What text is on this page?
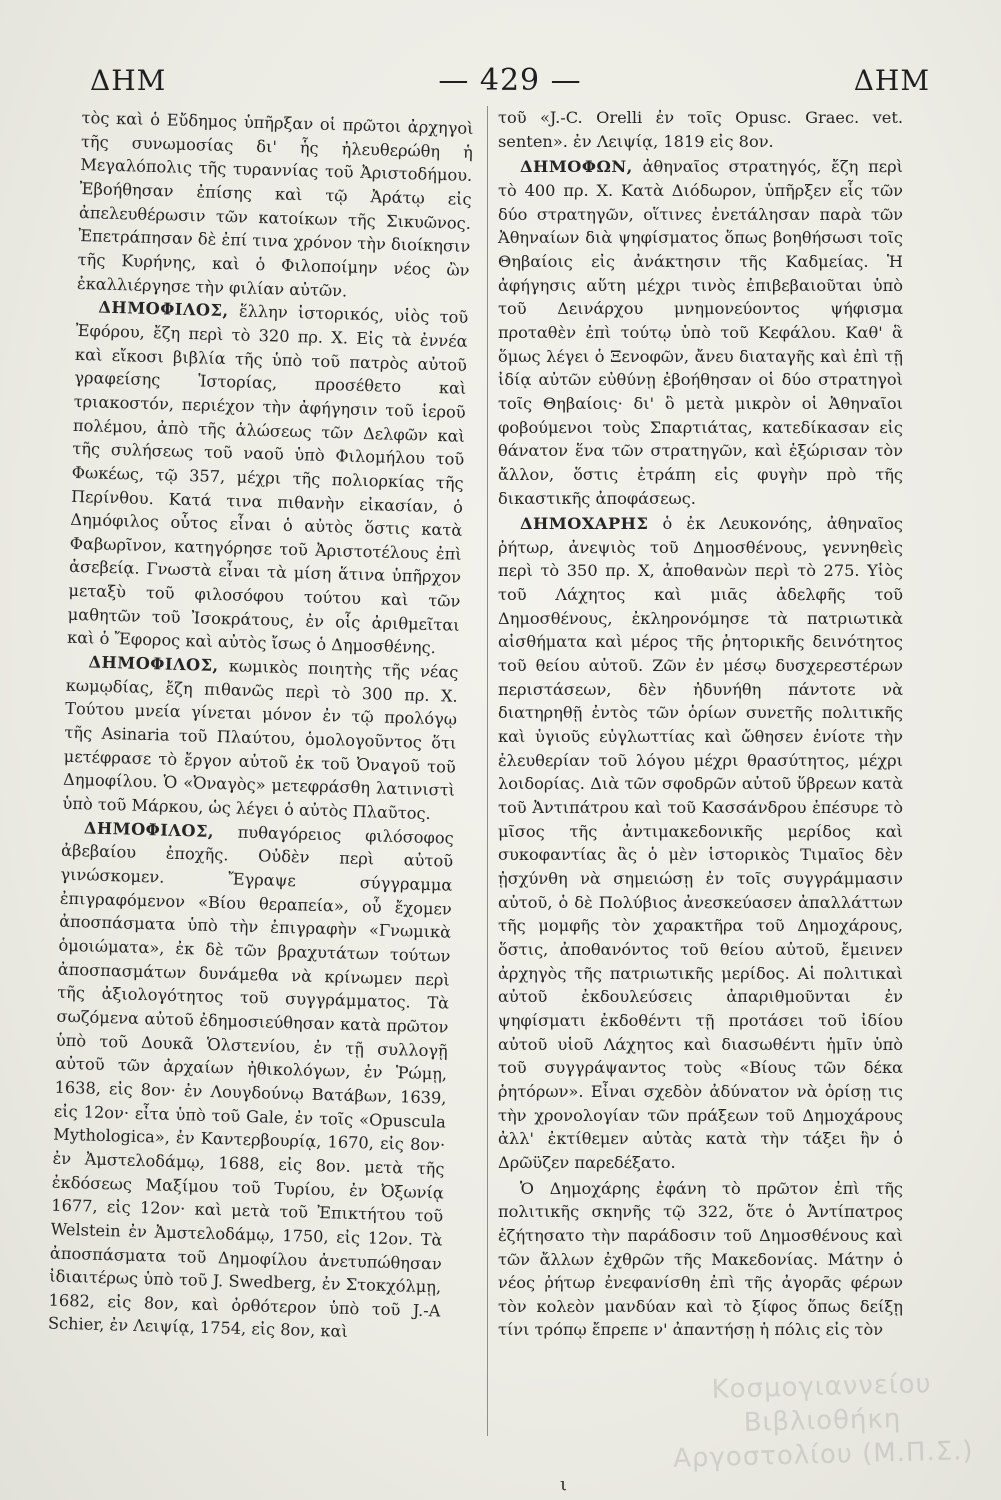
ΔΗΜ	— 429 —	ΔΗΜ

τὸς καὶ ὁ Εὔδημος ὑπῆρξαν οἱ πρῶτοι ἀρχηγοὶ τῆς συνωμοσίας δι' ἧς ἠλευθερώθη ἡ Μεγαλόπολις τῆς τυραννίας τοῦ Ἀριστοδήμου. Ἐβοήθησαν ἐπίσης καὶ τῷ Ἀράτῳ εἰς ἀπελευθέρωσιν τῶν κατοίκων τῆς Σικυῶνος. Ἐπετράπησαν δὲ ἐπί τινα χρόνον τὴν διοίκησιν τῆς Κυρήνης, καὶ ὁ Φιλοποίμην νέος ὢν ἐκαλλιέργησε τὴν φιλίαν αὐτῶν.

ΔΗΜΟΦΙΛΟΣ, ἕλλην ἱστορικός, υἱὸς τοῦ Ἐφόρου, ἔζη περὶ τὸ 320 πρ. Χ. Εἰς τὰ ἐννέα καὶ εἴκοσι βιβλία τῆς ὑπὸ τοῦ πατρὸς αὐτοῦ γραφείσης Ἱστορίας, προσέθετο καὶ τριακοστόν, περιέχον τὴν ἀφήγησιν τοῦ ἱεροῦ πολέμου, ἀπὸ τῆς ἁλώσεως τῶν Δελφῶν καὶ τῆς συλήσεως τοῦ ναοῦ ὑπὸ Φιλομήλου τοῦ Φωκέως, τῷ 357, μέχρι τῆς πολιορκίας τῆς Περίνθου. Κατά τινα πιθανὴν εἰκασίαν, ὁ Δημόφιλος οὗτος εἶναι ὁ αὐτὸς ὅστις κατὰ Φαβωρῖνον, κατηγόρησε τοῦ Ἀριστοτέλους ἐπὶ ἀσεβείᾳ. Γνωστὰ εἶναι τὰ μίση ἅτινα ὑπῆρχον μεταξὺ τοῦ φιλοσόφου τούτου καὶ τῶν μαθητῶν τοῦ Ἰσοκράτους, ἐν οἷς ἀριθμεῖται καὶ ὁ Ἔφορος καὶ αὐτὸς ἴσως ὁ Δημοσθένης.

ΔΗΜΟΦΙΛΟΣ, κωμικὸς ποιητὴς τῆς νέας κωμῳδίας, ἔζη πιθανῶς περὶ τὸ 300 πρ. Χ. Τούτου μνεία γίνεται μόνον ἐν τῷ προλόγῳ τῆς Asinaria τοῦ Πλαύτου, ὁμολογοῦντος ὅτι μετέφρασε τὸ ἔργον αὐτοῦ ἐκ τοῦ Ὀναγοῦ τοῦ Δημοφίλου. Ὁ «Ὀναγὸς» μετεφράσθη λατινιστὶ ὑπὸ τοῦ Μάρκου, ὡς λέγει ὁ αὐτὸς Πλαῦτος.

ΔΗΜΟΦΙΛΟΣ, πυθαγόρειος φιλόσοφος ἀβεβαίου ἐποχῆς. Οὐδὲν περὶ αὐτοῦ γινώσκομεν. Ἔγραψε σύγγραμμα ἐπιγραφόμενον «Βίου θεραπεία», οὗ ἔχομεν ἀποσπάσματα ὑπὸ τὴν ἐπιγραφὴν «Γνωμικὰ ὁμοιώματα», ἐκ δὲ τῶν βραχυτάτων τούτων ἀποσπασμάτων δυνάμεθα νὰ κρίνωμεν περὶ τῆς ἀξιολογότητος τοῦ συγγράμματος. Τὰ σωζόμενα αὐτοῦ ἐδημοσιεύθησαν κατὰ πρῶτον ὑπὸ τοῦ Δουκᾶ Ὁλστενίου, ἐν τῇ συλλογῇ αὐτοῦ τῶν ἀρχαίων ἠθικολόγων, ἐν Ῥώμῃ, 1638, εἰς 8ον· ἐν Λουγδούνῳ Βατάβων, 1639, εἰς 12ον· εἶτα ὑπὸ τοῦ Gale, ἐν τοῖς «Opuscula Mythologica», ἐν Καντερβουρίᾳ, 1670, εἰς 8ον· ἐν Ἀμστελοδάμῳ, 1688, εἰς 8ον. μετὰ τῆς ἐκδόσεως Μαξίμου τοῦ Τυρίου, ἐν Ὀξωνίᾳ 1677, εἰς 12ον· καὶ μετὰ τοῦ Ἐπικτήτου τοῦ Welstein ἐν Ἀμστελοδάμῳ, 1750, εἰς 12ον. Τὰ ἀποσπάσματα τοῦ Δημοφίλου ἀνετυπώθησαν ἰδιαιτέρως ὑπὸ τοῦ J. Swedberg, ἐν Στοκχόλμῃ, 1682, εἰς 8ον, καὶ ὀρθότερον ὑπὸ τοῦ J.-A Schier, ἐν Λειψίᾳ, 1754, εἰς 8ον, καὶ

τοῦ «J.-C. Orelli ἐν τοῖς Opusc. Graec. vet. senten». ἐν Λειψίᾳ, 1819 εἰς 8ον.

ΔΗΜΟΦΩΝ, ἀθηναῖος στρατηγός, ἔζη περὶ τὸ 400 πρ. Χ. Κατὰ Διόδωρον, ὑπῆρξεν εἷς τῶν δύο στρατηγῶν, οἵτινες ἐνετάλησαν παρὰ τῶν Ἀθηναίων διὰ ψηφίσματος ὅπως βοηθήσωσι τοῖς Θηβαίοις εἰς ἀνάκτησιν τῆς Καδμείας. Ἡ ἀφήγησις αὕτη μέχρι τινὸς ἐπιβεβαιοῦται ὑπὸ τοῦ Δεινάρχου μνημονεύοντος ψήφισμα προταθὲν ἐπὶ τούτῳ ὑπὸ τοῦ Κεφάλου. Καθ' ἃ ὅμως λέγει ὁ Ξενοφῶν, ἄνευ διαταγῆς καὶ ἐπὶ τῇ ἰδίᾳ αὐτῶν εὐθύνῃ ἐβοήθησαν οἱ δύο στρατηγοὶ τοῖς Θηβαίοις· δι' ὃ μετὰ μικρὸν οἱ Ἀθηναῖοι φοβούμενοι τοὺς Σπαρτιάτας, κατεδίκασαν εἰς θάνατον ἕνα τῶν στρατηγῶν, καὶ ἐξώρισαν τὸν ἄλλον, ὅστις ἐτράπη εἰς φυγὴν πρὸ τῆς δικαστικῆς ἀποφάσεως.

ΔΗΜΟΧΑΡΗΣ ὁ ἐκ Λευκονόης, ἀθηναῖος ῥήτωρ, ἀνεψιὸς τοῦ Δημοσθένους, γεννηθεὶς περὶ τὸ 350 πρ. Χ, ἀποθανὼν περὶ τὸ 275. Υἱὸς τοῦ Λάχητος καὶ μιᾶς ἀδελφῆς τοῦ Δημοσθένους, ἐκληρονόμησε τὰ πατριωτικὰ αἰσθήματα καὶ μέρος τῆς ῥητορικῆς δεινότητος τοῦ θείου αὐτοῦ. Ζῶν ἐν μέσῳ δυσχερεστέρων περιστάσεων, δὲν ἠδυνήθη πάντοτε νὰ διατηρηθῇ ἐντὸς τῶν ὁρίων συνετῆς πολιτικῆς καὶ ὑγιοῦς εὐγλωττίας καὶ ὤθησεν ἐνίοτε τὴν ἐλευθερίαν τοῦ λόγου μέχρι θρασύτητος, μέχρι λοιδορίας. Διὰ τῶν σφοδρῶν αὐτοῦ ὕβρεων κατὰ τοῦ Ἀντιπάτρου καὶ τοῦ Κασσάνδρου ἐπέσυρε τὸ μῖσος τῆς ἀντιμακεδονικῆς μερίδος καὶ συκοφαντίας ἃς ὁ μὲν ἱστορικὸς Τιμαῖος δὲν ᾐσχύνθη νὰ σημειώσῃ ἐν τοῖς συγγράμμασιν αὐτοῦ, ὁ δὲ Πολύβιος ἀνεσκεύασεν ἀπαλλάττων τῆς μομφῆς τὸν χαρακτῆρα τοῦ Δημοχάρους, ὅστις, ἀποθανόντος τοῦ θείου αὐτοῦ, ἔμεινεν ἀρχηγὸς τῆς πατριωτικῆς μερίδος. Αἱ πολιτικαὶ αὐτοῦ ἐκδουλεύσεις ἀπαριθμοῦνται ἐν ψηφίσματι ἐκδοθέντι τῇ προτάσει τοῦ ἰδίου αὐτοῦ υἱοῦ Λάχητος καὶ διασωθέντι ἡμῖν ὑπὸ τοῦ συγγράψαντος τοὺς «Βίους τῶν δέκα ῥητόρων». Εἶναι σχεδὸν ἀδύνατον νὰ ὁρίσῃ τις τὴν χρονολογίαν τῶν πράξεων τοῦ Δημοχάρους ἀλλ' ἐκτίθεμεν αὐτὰς κατὰ τὴν τάξει ἣν ὁ Δρῶϋζεν παρεδέξατο.

Ὁ Δημοχάρης ἐφάνη τὸ πρῶτον ἐπὶ τῆς πολιτικῆς σκηνῆς τῷ 322, ὅτε ὁ Ἀντίπατρος ἐζήτησατο τὴν παράδοσιν τοῦ Δημοσθένους καὶ τῶν ἄλλων ἐχθρῶν τῆς Μακεδονίας. Μάτην ὁ νέος ῥήτωρ ἐνεφανίσθη ἐπὶ τῆς ἀγορᾶς φέρων τὸν κολεὸν μανδύαν καὶ τὸ ξίφος ὅπως δείξῃ τίνι τρόπῳ ἔπρεπε ν' ἀπαντήσῃ ἡ πόλις εἰς τὸν

Κοσμογιαννείου Βιβλιοθήκη Αργοστολίου (Μ.Π.Σ.)
ι
